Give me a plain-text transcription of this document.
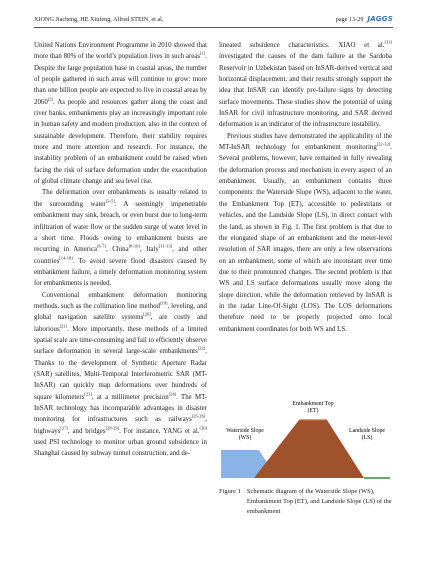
XIONG Jiacheng, HE Xiufeng, Alfred STEIN, et al.	page 13-29 JAGGS

United Nations Environment Programme in 2010 showed that more than 80% of the world’s population lives in such areas[1]. Despite the large population base in coastal areas, the number of people gathered in such areas will continue to grow: more than one billion people are expected to live in coastal areas by 2060[2]. As people and resources gather along the coast and river banks, embankments play an increasingly important role in human safety and modern production, also in the context of sustainable development. Therefore, their stability requires more and more attention and research. For instance, the instability problem of an embankment could be raised when facing the risk of surface deformation under the exacerbation of global climate change and sea level rise.

The deformation over embankments is usually related to the surrounding water[3-5]. A seemingly impenetrable embankment may sink, breach, or even burst due to long-term infiltration of water flow or the sudden surge of water level in a short time. Floods owing to embankment bursts are recurring in America[6-7], China[8-10], Italy[11-13], and other countries[14-18]. To avoid severe flood disasters caused by embankment failure, a timely deformation monitoring system for embankments is needed.

Conventional embankment deformation monitoring methods, such as the collimation line method[19], leveling, and global navigation satellite systems[20], are costly and laborious[21]. More importantly, these methods of a limited spatial scale are time-consuming and fail to efficiently observe surface deformation in several large-scale embankments[22]. Thanks to the development of Synthetic Aperture Radar (SAR) satellites, Multi-Temporal Interferometric SAR (MT-InSAR) can quickly map deformations over hundreds of square kilometers[23], at a millimeter precision[24]. The MT-InSAR technology has incomparable advantages in disaster monitoring for infrastructures such as railways[25-26], highways[27], and bridges[28-29]. For instance, YANG et al.[30] used PSI technology to monitor urban ground subsidence in Shanghai caused by subway tunnel construction, and de-

lineated subsidence characteristics. XIAO et al.[31] investigated the causes of the dam failure at the Sardoba Reservoir in Uzbekistan based on InSAR-derived vertical and horizontal displacement, and their results strongly support the idea that InSAR can identify pre-failure signs by detecting surface movements. These studies show the potential of using InSAR for civil infrastructure monitoring, and SAR derived deformation is an indicator of the infrastructure instability.

Previous studies have demonstrated the applicability of the MT-InSAR technology for embankment monitoring[32-33]. Several problems, however, have remained in fully revealing the deformation process and mechanism in every aspect of an embankment. Usually, an embankment contains three components: the Waterside Slope (WS), adjacent to the water, the Embankment Top (ET), accessible to pedestrians or vehicles, and the Landside Slope (LS), in direct contact with the land, as shown in Fig. 1. The first problem is that due to the elongated shape of an embankment and the meter-level resolution of SAR images, there are only a few observations on an embankment, some of which are inconstant over time due to their pronounced changes. The second problem is that WS and LS surface deformations usually move along the slope direction, while the deformation retrieved by InSAR is in the radar Line-Of-Sight (LOS). The LOS deformations therefore need to be properly projected onto local embankment coordinates for both WS and LS.

Embankment Top
(ET)
Waterside Slope
(WS)
Landside Slope
(LS)
Figure 1 Schematic diagram of the Waterside Slope (WS), Embankment Top (ET), and Landside Slope (LS) of the embankment
